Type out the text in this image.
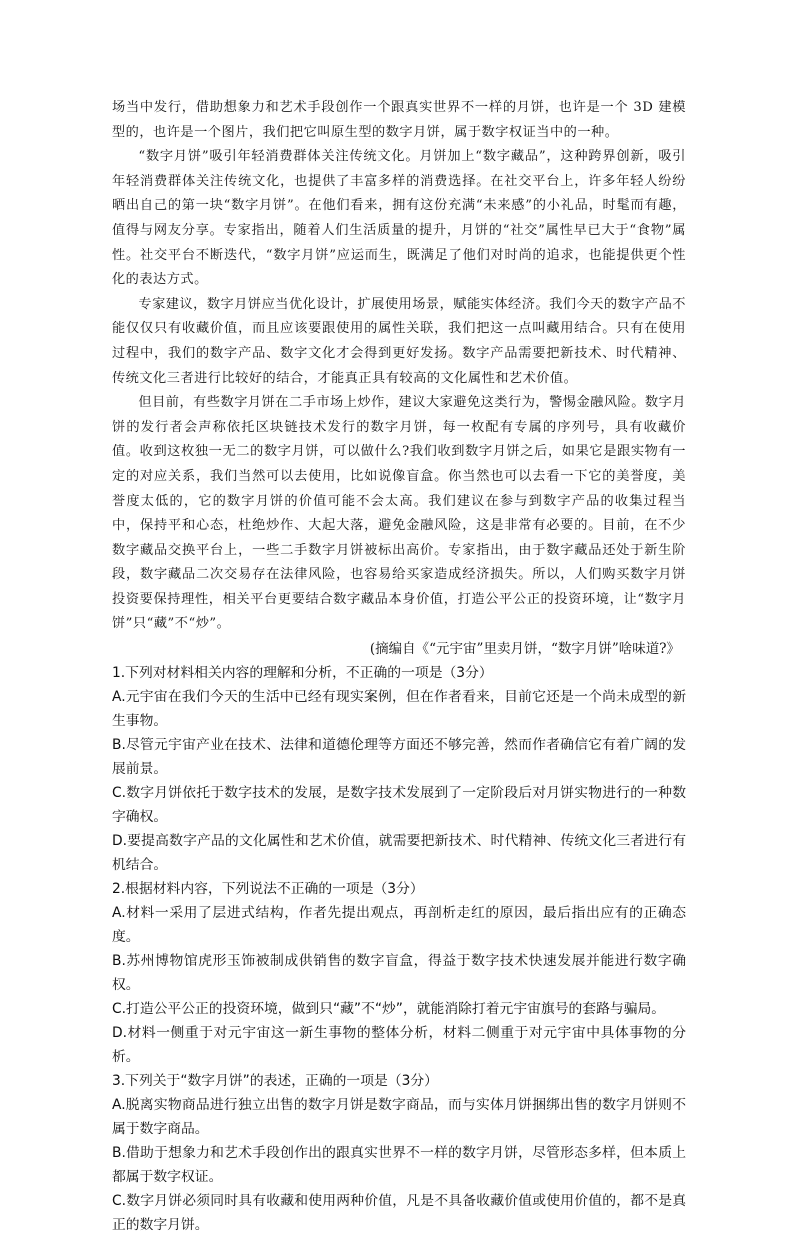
场当中发行，借助想象力和艺术手段创作一个跟真实世界不一样的月饼，也许是一个 3D 建模型的，也许是一个图片，我们把它叫原生型的数字月饼，属于数字权证当中的一种。

“数字月饼”吸引年轻消费群体关注传统文化。月饼加上“数字藏品”，这种跨界创新，吸引年轻消费群体关注传统文化，也提供了丰富多样的消费选择。在社交平台上，许多年轻人纷纷晒出自己的第一块“数字月饼”。在他们看来，拥有这份充满“未来感”的小礼品，时髦而有趣，值得与网友分享。专家指出，随着人们生活质量的提升，月饼的“社交”属性早已大于“食物”属性。社交平台不断迭代，“数字月饼”应运而生，既满足了他们对时尚的追求，也能提供更个性化的表达方式。

专家建议，数字月饼应当优化设计，扩展使用场景，赋能实体经济。我们今天的数字产品不能仅仅只有收藏价值，而且应该要跟使用的属性关联，我们把这一点叫藏用结合。只有在使用过程中，我们的数字产品、数字文化才会得到更好发扬。数字产品需要把新技术、时代精神、传统文化三者进行比较好的结合，才能真正具有较高的文化属性和艺术价值。

但目前，有些数字月饼在二手市场上炒作，建议大家避免这类行为，警惕金融风险。数字月饼的发行者会声称依托区块链技术发行的数字月饼，每一枚配有专属的序列号，具有收藏价值。收到这枚独一无二的数字月饼，可以做什么?我们收到数字月饼之后，如果它是跟实物有一定的对应关系，我们当然可以去使用，比如说像盲盒。你当然也可以去看一下它的美誉度，美誉度太低的，它的数字月饼的价值可能不会太高。我们建议在参与到数字产品的收集过程当中，保持平和心态，杜绝炒作、大起大落，避免金融风险，这是非常有必要的。目前，在不少数字藏品交换平台上，一些二手数字月饼被标出高价。专家指出，由于数字藏品还处于新生阶段，数字藏品二次交易存在法律风险，也容易给买家造成经济损失。所以，人们购买数字月饼投资要保持理性，相关平台更要结合数字藏品本身价值，打造公平公正的投资环境，让“数字月饼”只“藏”不“炒”。

(摘编自《“元宇宙”里卖月饼，“数字月饼”啥味道?》

1.下列对材料相关内容的理解和分析，不正确的一项是（3分）

A.元宇宙在我们今天的生活中已经有现实案例，但在作者看来，目前它还是一个尚未成型的新生事物。

B.尽管元宇宙产业在技术、法律和道德伦理等方面还不够完善，然而作者确信它有着广阔的发展前景。

C.数字月饼依托于数字技术的发展，是数字技术发展到了一定阶段后对月饼实物进行的一种数字确权。

D.要提高数字产品的文化属性和艺术价值，就需要把新技术、时代精神、传统文化三者进行有机结合。

2.根据材料内容，下列说法不正确的一项是（3分）

A.材料一采用了层进式结构，作者先提出观点，再剖析走红的原因，最后指出应有的正确态度。

B.苏州博物馆虎形玉饰被制成供销售的数字盲盒，得益于数字技术快速发展并能进行数字确权。

C.打造公平公正的投资环境，做到只“藏”不“炒”，就能消除打着元宇宙旗号的套路与骗局。

D.材料一侧重于对元宇宙这一新生事物的整体分析，材料二侧重于对元宇宙中具体事物的分析。

3.下列关于“数字月饼”的表述，正确的一项是（3分）

A.脱离实物商品进行独立出售的数字月饼是数字商品，而与实体月饼捆绑出售的数字月饼则不属于数字商品。

B.借助于想象力和艺术手段创作出的跟真实世界不一样的数字月饼，尽管形态多样，但本质上都属于数字权证。

C.数字月饼必须同时具有收藏和使用两种价值，凡是不具备收藏价值或使用价值的，都不是真正的数字月饼。
